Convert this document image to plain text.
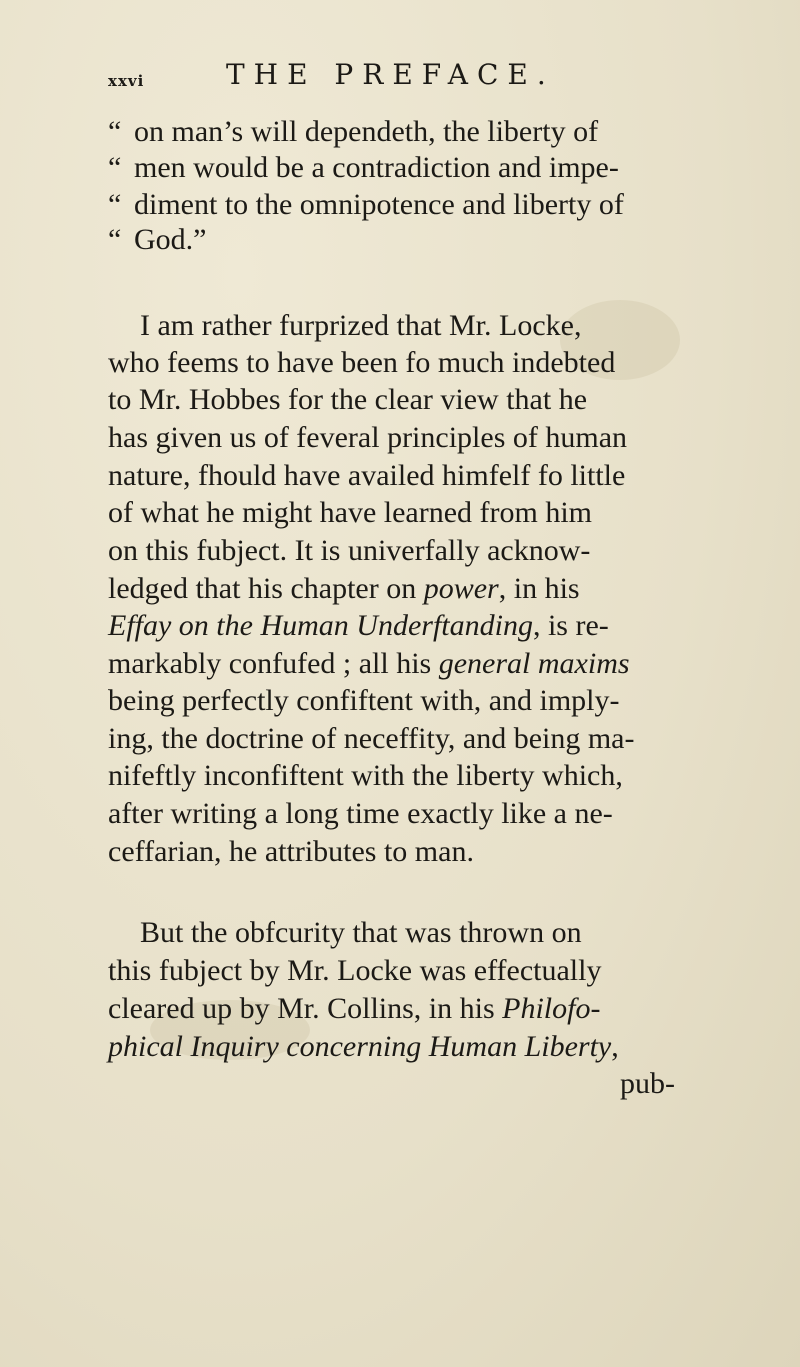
xxvi	THE PREFACE.
“ on man’s will dependeth, the liberty of
“ men would be a contradiction and impe-
“ diment to the omnipotence and liberty of
“ God.”
I am rather furprized that Mr. Locke,
who feems to have been fo much indebted
to Mr. Hobbes for the clear view that he
has given us of feveral principles of human
nature, fhould have availed himfelf fo little
of what he might have learned from him
on this fubject. It is univerfally acknow-
ledged that his chapter on power, in his
Effay on the Human Underftanding, is re-
markably confufed ; all his general maxims
being perfectly confiftent with, and imply-
ing, the doctrine of neceffity, and being ma-
nifeftly inconfiftent with the liberty which,
after writing a long time exactly like a ne-
ceffarian, he attributes to man.
But the obfcurity that was thrown on
this fubject by Mr. Locke was effectually
cleared up by Mr. Collins, in his Philofo-
phical Inquiry concerning Human Liberty,
pub-
